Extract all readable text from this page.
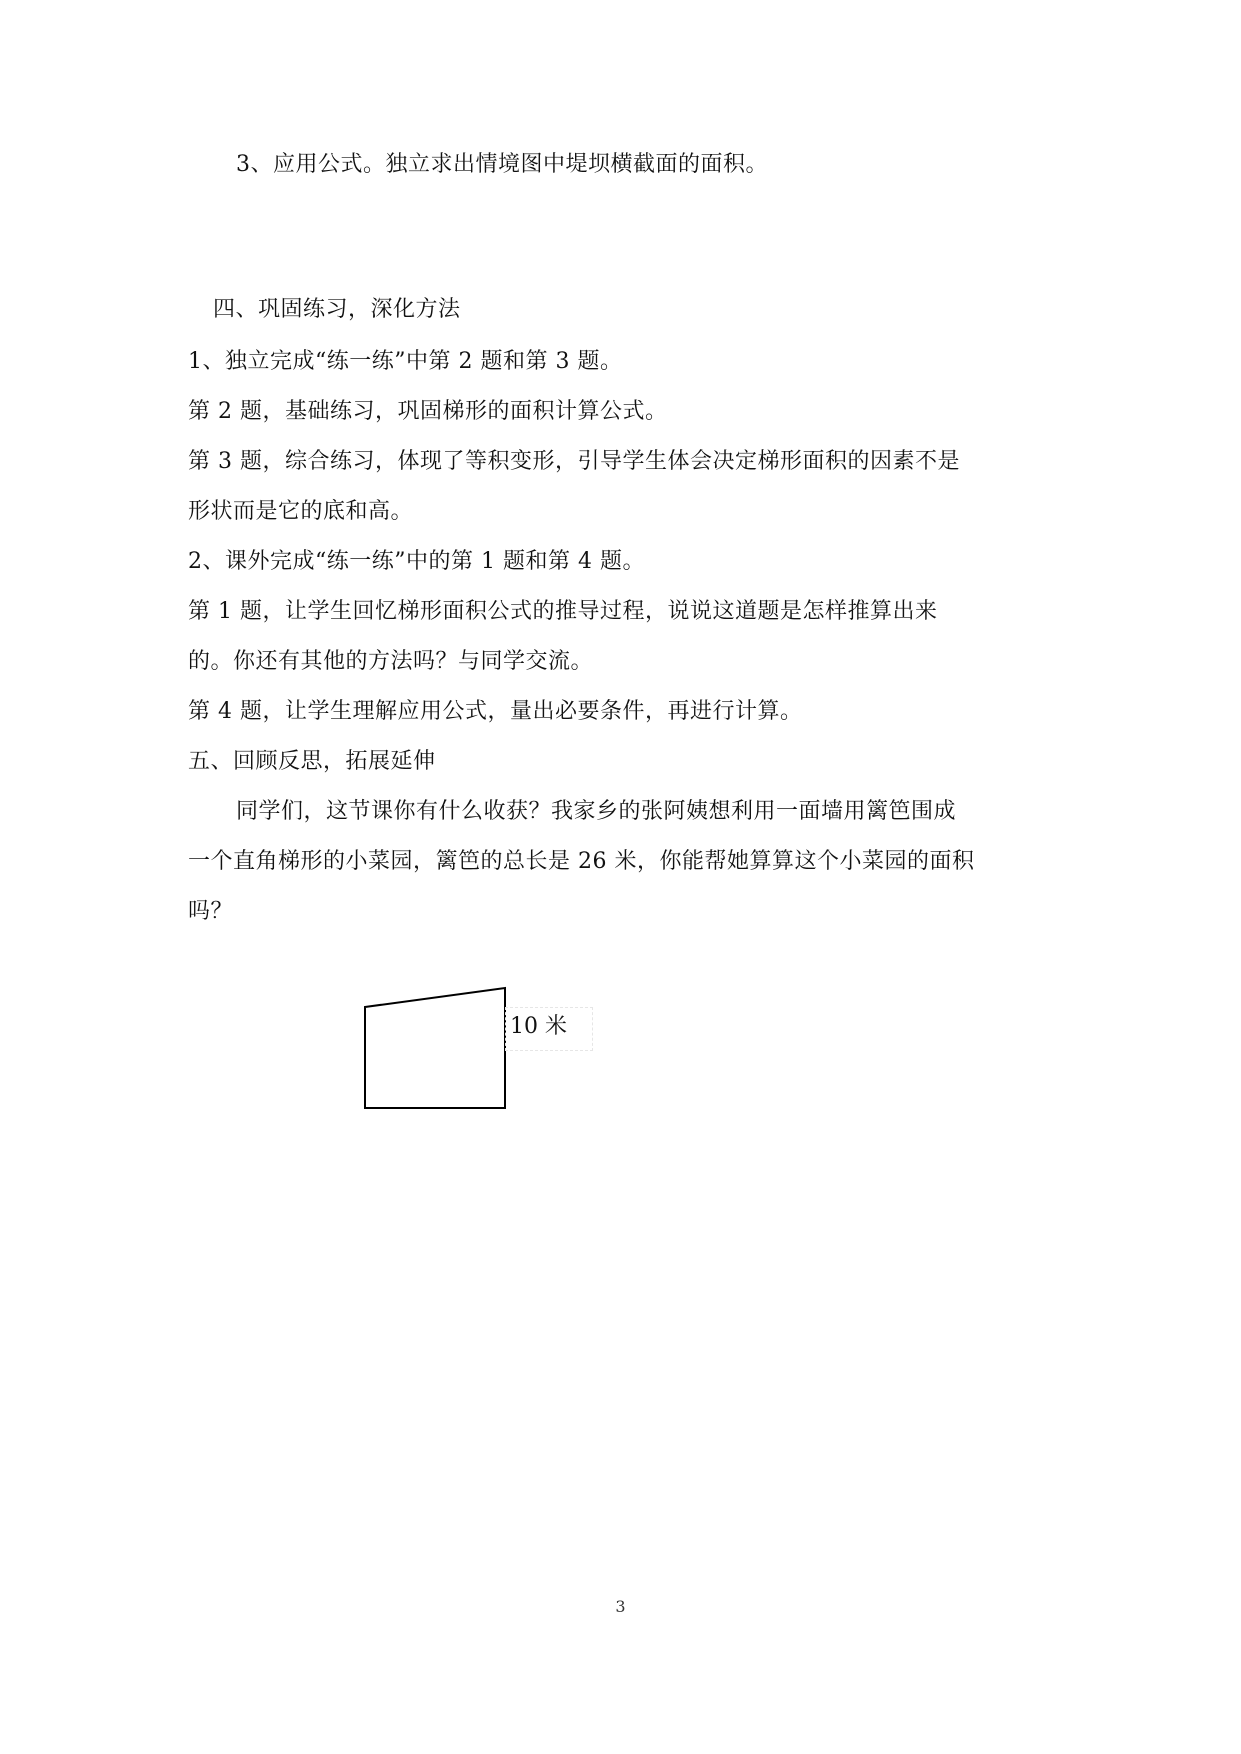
3、应用公式。独立求出情境图中堤坝横截面的面积。
四、巩固练习，深化方法
1、独立完成“练一练”中第 2 题和第 3 题。
第 2 题，基础练习，巩固梯形的面积计算公式。
第 3 题，综合练习，体现了等积变形，引导学生体会决定梯形面积的因素不是
形状而是它的底和高。
2、课外完成“练一练”中的第 1 题和第 4 题。
第 1 题，让学生回忆梯形面积公式的推导过程，说说这道题是怎样推算出来
的。你还有其他的方法吗？与同学交流。
第 4 题，让学生理解应用公式，量出必要条件，再进行计算。
五、回顾反思，拓展延伸
同学们，这节课你有什么收获？我家乡的张阿姨想利用一面墙用篱笆围成
一个直角梯形的小菜园，篱笆的总长是 26 米，你能帮她算算这个小菜园的面积
吗？
10 米
3
